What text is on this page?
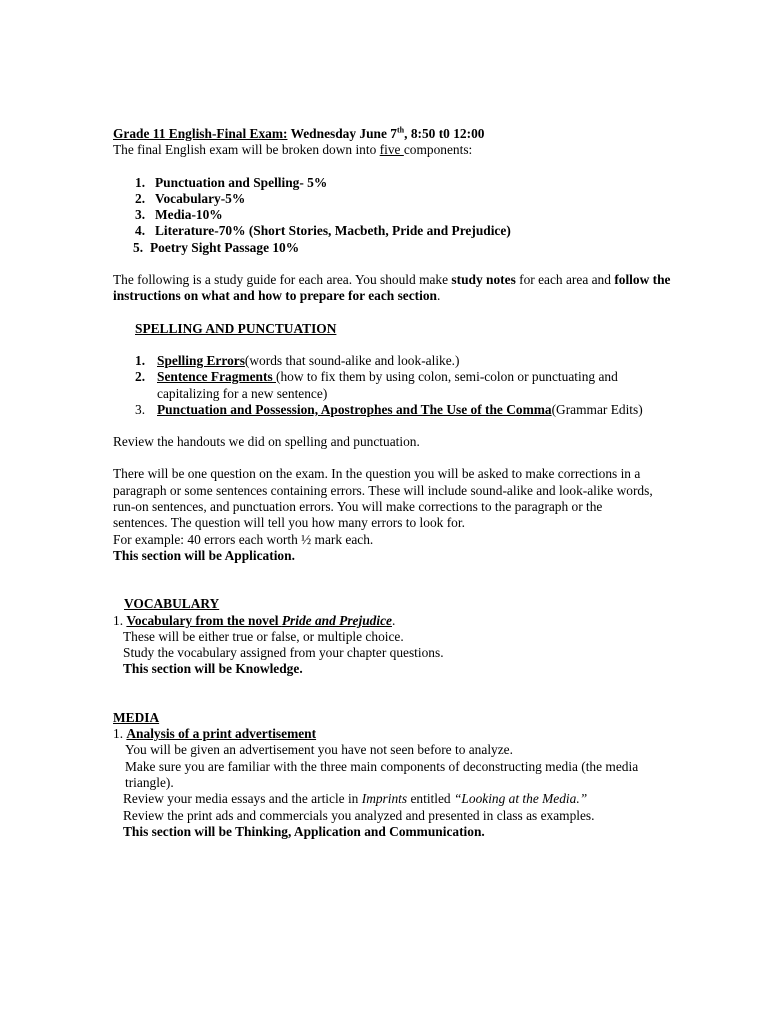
Grade 11 English-Final Exam: Wednesday June 7th, 8:50 t0 12:00
The final English exam will be broken down into five components:
1. Punctuation and Spelling- 5%
2. Vocabulary-5%
3. Media-10%
4. Literature-70% (Short Stories, Macbeth, Pride and Prejudice)
5. Poetry Sight Passage 10%
The following is a study guide for each area. You should make study notes for each area and follow the instructions on what and how to prepare for each section.
SPELLING AND PUNCTUATION
1. Spelling Errors(words that sound-alike and look-alike.)
2. Sentence Fragments (how to fix them by using colon, semi-colon or punctuating and capitalizing for a new sentence)
3. Punctuation and Possession, Apostrophes and The Use of the Comma(Grammar Edits)
Review the handouts we did on spelling and punctuation.
There will be one question on the exam. In the question you will be asked to make corrections in a paragraph or some sentences containing errors. These will include sound-alike and look-alike words, run-on sentences, and punctuation errors. You will make corrections to the paragraph or the sentences. The question will tell you how many errors to look for.
For example: 40 errors each worth ½ mark each.
This section will be Application.
VOCABULARY
1. Vocabulary from the novel Pride and Prejudice.
These will be either true or false, or multiple choice.
Study the vocabulary assigned from your chapter questions.
This section will be Knowledge.
MEDIA
1. Analysis of a print advertisement
You will be given an advertisement you have not seen before to analyze.
Make sure you are familiar with the three main components of deconstructing media (the media triangle).
Review your media essays and the article in Imprints entitled “Looking at the Media.”
Review the print ads and commercials you analyzed and presented in class as examples.
This section will be Thinking, Application and Communication.
